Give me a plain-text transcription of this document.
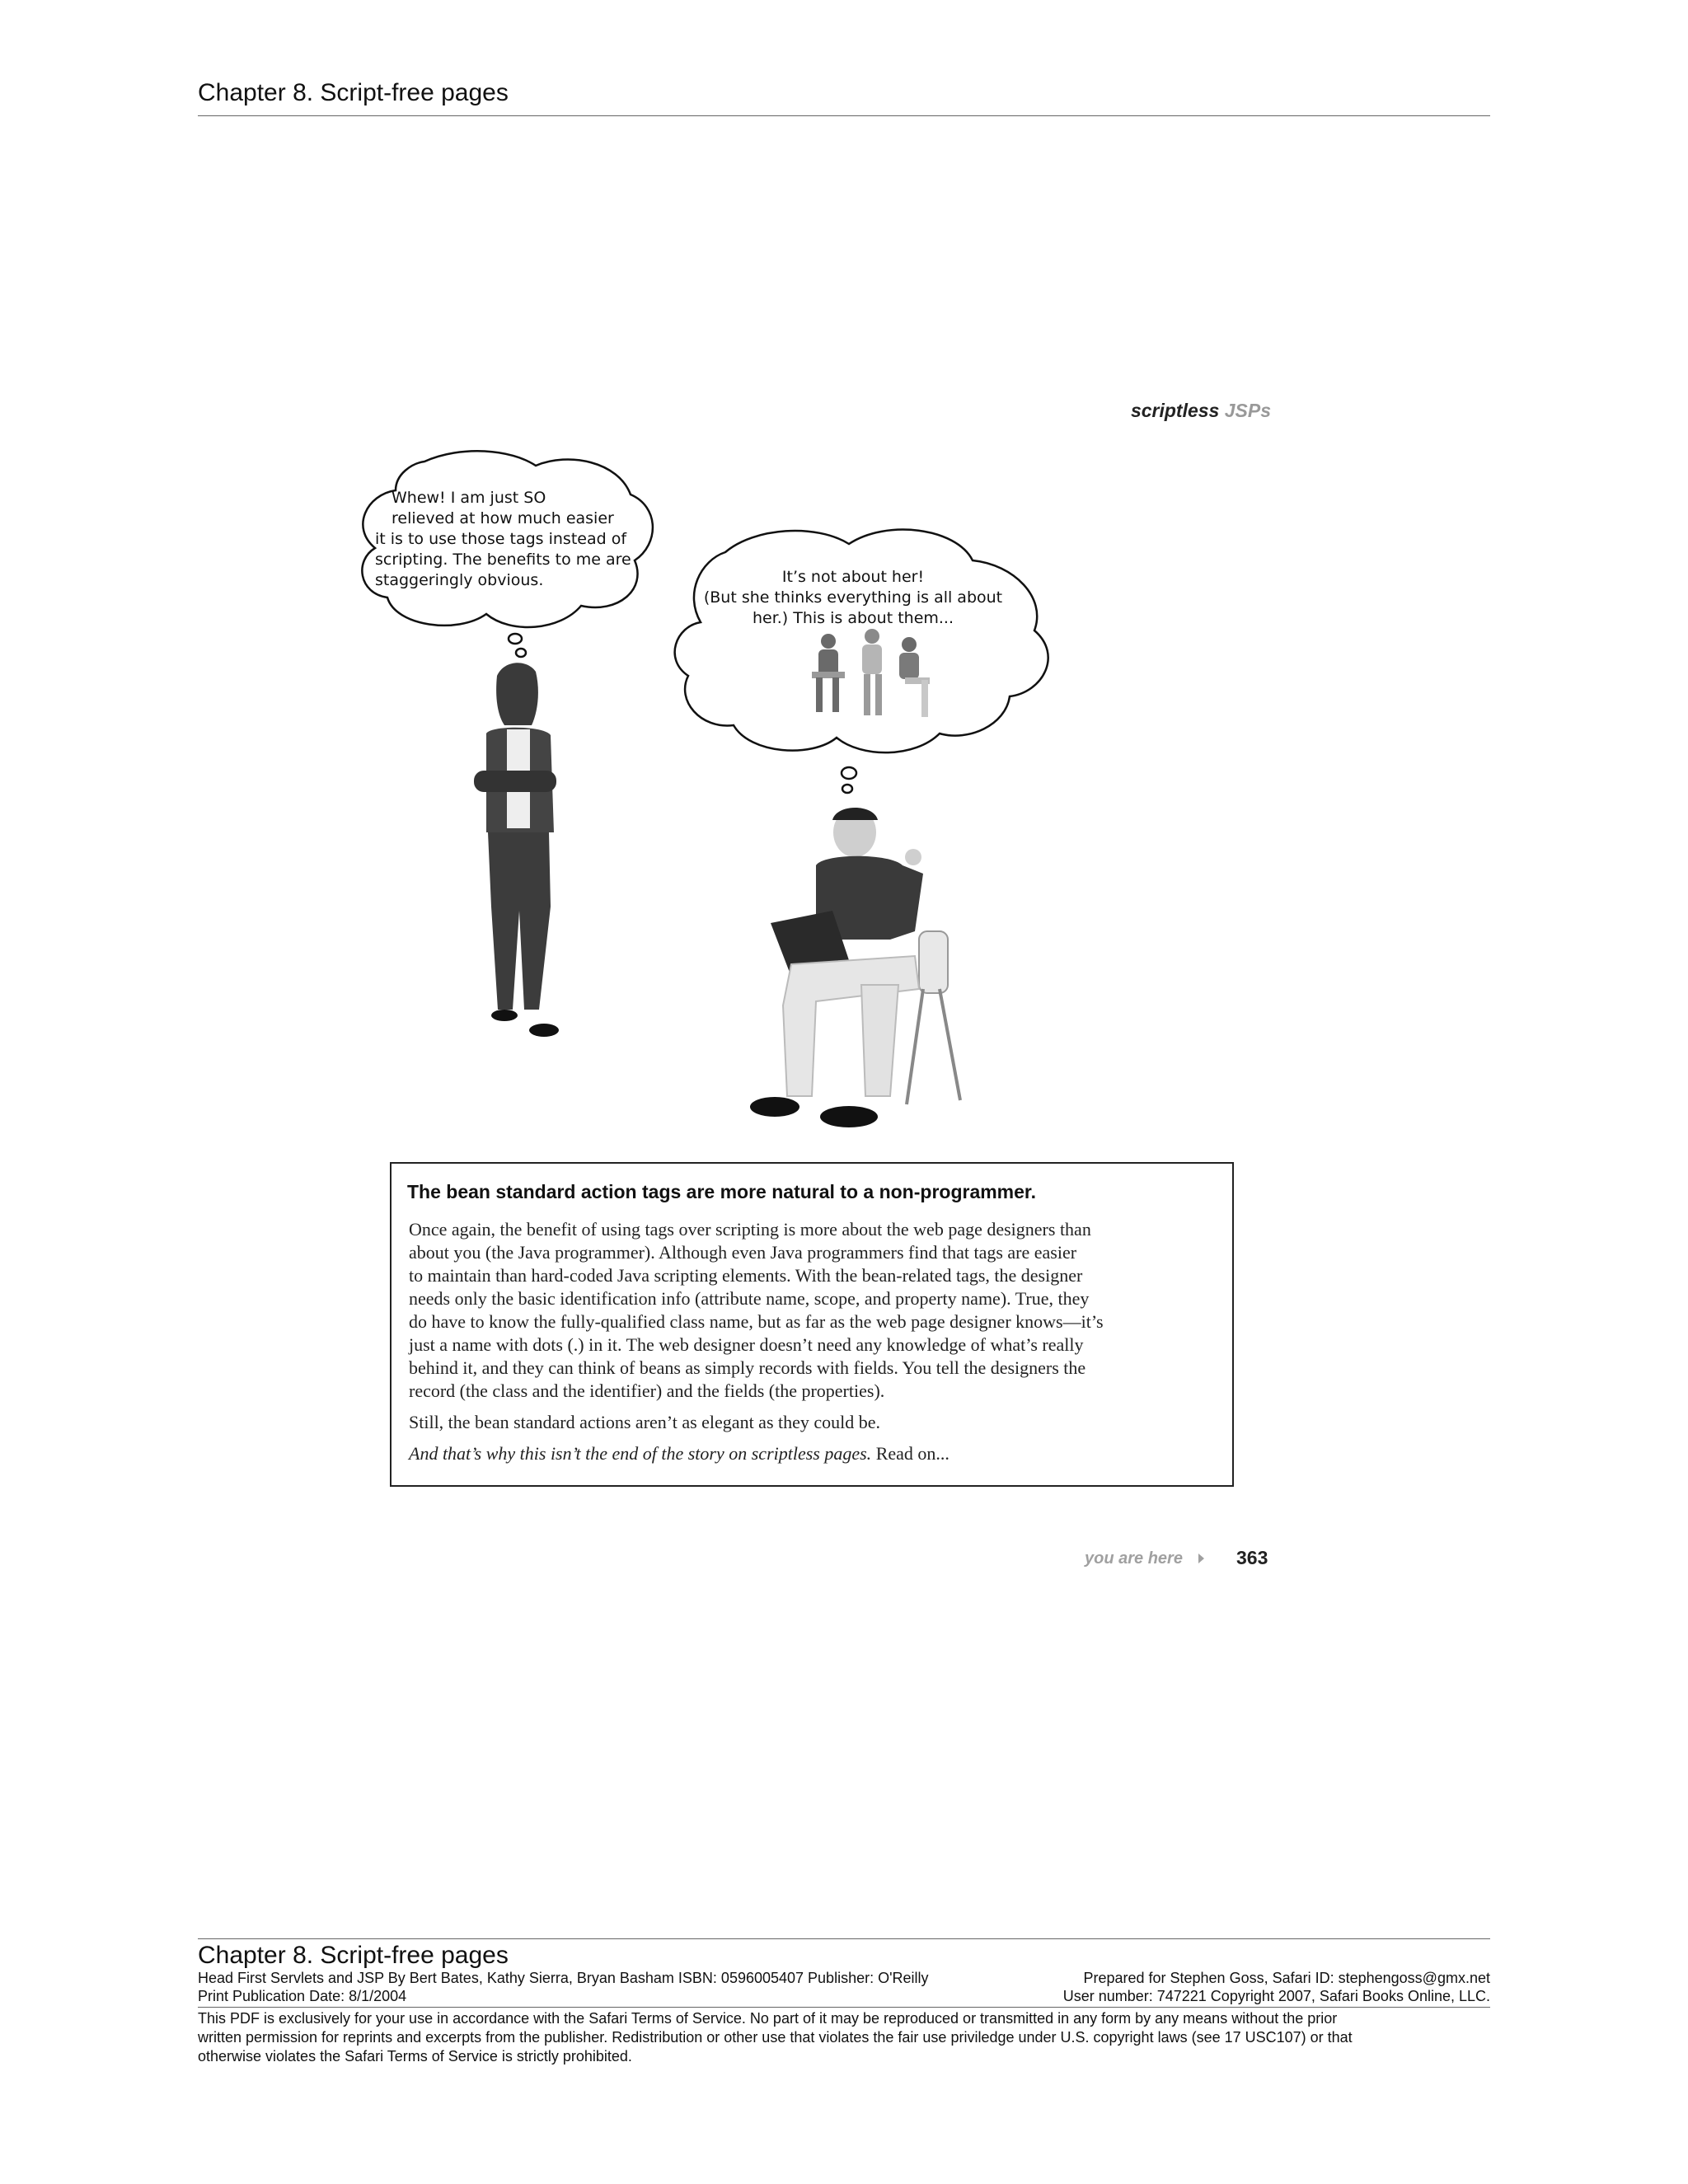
Chapter 8. Script-free pages
scriptless JSPs
Whew! I am just SO
relieved at how much easier
it is to use those tags instead of
scripting. The benefits to me are
staggeringly obvious.	It’s not about her!
(But she thinks everything is all about
her.) This is about them...
The bean standard action tags are more natural to a non-programmer.

Once again, the benefit of using tags over scripting is more about the web page designers than
about you (the Java programmer). Although even Java programmers find that tags are easier
to maintain than hard-coded Java scripting elements. With the bean-related tags, the designer
needs only the basic identification info (attribute name, scope, and property name). True, they
do have to know the fully-qualified class name, but as far as the web page designer knows—it’s
just a name with dots (.) in it. The web designer doesn’t need any knowledge of what’s really
behind it, and they can think of beans as simply records with fields. You tell the designers the
record (the class and the identifier) and the fields (the properties).

Still, the bean standard actions aren’t as elegant as they could be.

And that’s why this isn’t the end of the story on scriptless pages. Read on...

you are here	363
Chapter 8. Script-free pages
Head First Servlets and JSP By Bert Bates, Kathy Sierra, Bryan Basham ISBN: 0596005407 Publisher: O'Reilly	Prepared for Stephen Goss, Safari ID: stephengoss@gmx.net
Print Publication Date: 8/1/2004	User number: 747221 Copyright 2007, Safari Books Online, LLC.
This PDF is exclusively for your use in accordance with the Safari Terms of Service. No part of it may be reproduced or transmitted in any form by any means without the prior
written permission for reprints and excerpts from the publisher. Redistribution or other use that violates the fair use priviledge under U.S. copyright laws (see 17 USC107) or that
otherwise violates the Safari Terms of Service is strictly prohibited.
